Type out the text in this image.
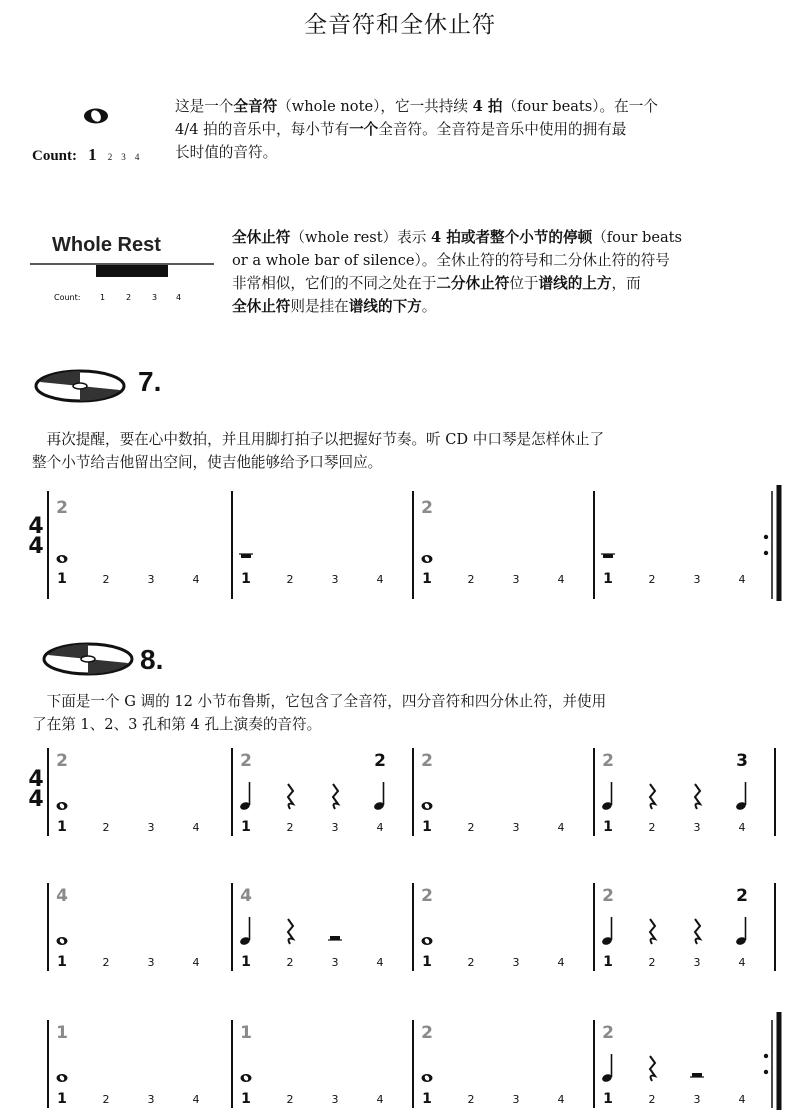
全音符和全休止符
Count: 1 2 3 4
这是一个全音符（whole note），它一共持续 4 拍（four beats）。在一个
4/4 拍的音乐中，每小节有一个全音符。全音符是音乐中使用的拥有最
长时值的音符。
Whole Rest
Count: 1	2	3 4
全休止符（whole rest）表示 4 拍或者整个小节的停顿（four beats
or a whole bar of silence）。全休止符的符号和二分休止符的符号
非常相似，它们的不同之处在于二分休止符位于谱线的上方，而
全休止符则是挂在谱线的下方。
7.
　再次提醒，要在心中数拍，并且用脚打拍子以把握好节奏。听 CD 中口琴是怎样休止了
整个小节给吉他留出空间，使吉他能够给予口琴回应。
4
4
2
1	2	3	4	1	2	3	4
2
1	2	3	4	1	2	3	4
8.
　下面是一个 G 调的 12 小节布鲁斯，它包含了全音符，四分音符和四分休止符，并使用
了在第 1、2、3 孔和第 4 孔上演奏的音符。
4
4
2
1	2	3	4
2
1	2	3	4
2 2
1	2	3	4
2
1	2	3	4
3
4
1	2	3	4
4
1	2	3	4
2
1	2	3	4
2
1	2	3	4
2
1
1	2	3	4
1
1	2	3	4
2
1	2	3	4
2
1	2	3	4
